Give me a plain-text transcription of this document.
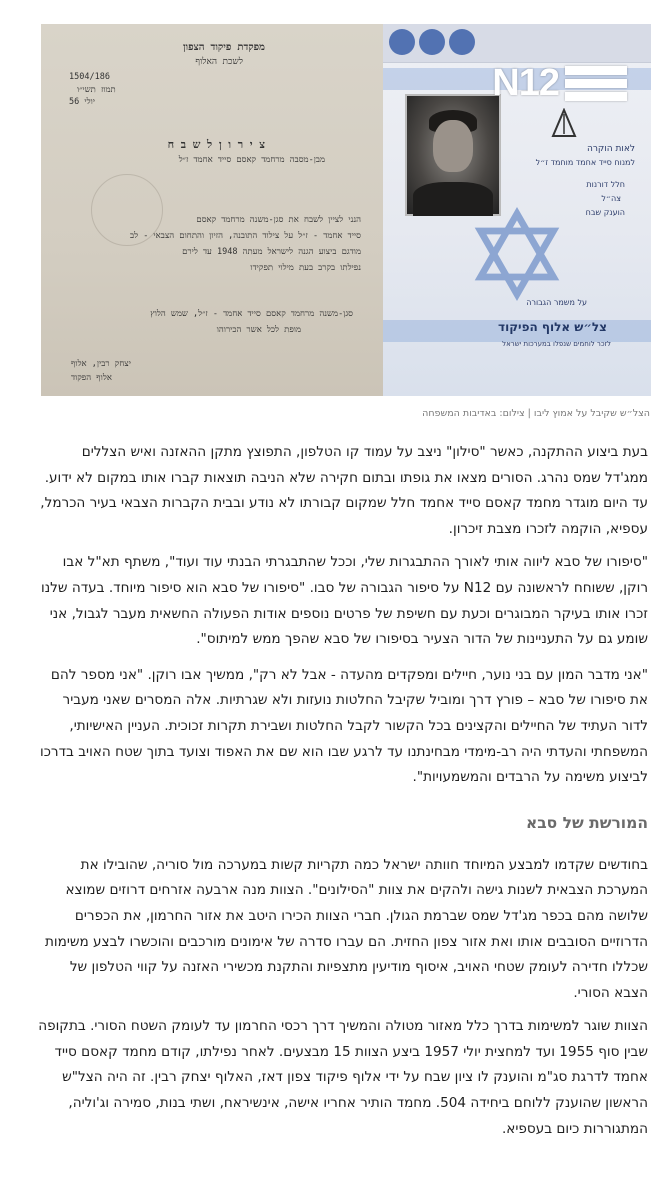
מפקדת פיקוד הצפון
לשכת האלוף
1504/186
תמוז תשי״ו
יולי 56
צ י ר ו ן ל ש ב ח
מבן-מסבה מרחמד קאסם סייד אחמד ז״ל
הנני לציין לשבח את סגן-משנה מרחמד קאסם
סייד אחמד - ז״ל על צילוד התובנה, הזיון והתחום הצבאי - לב
מודגם ביצוע הגנה לישראל מעתה 1948 עד לירם
נפילתו בקרב בעת מילוי תפקידו
סגן-משנה מרחמד קאסם סייד אחמד - ז״ל, שמש הלוץ
מופת לכל אשר הכירוהו
יצחק רבין, אלוף
אלוף הפקוד
לאות הוקרה
למנוח סייד אחמד מוחמד ז״ל
חלל דורנות
צה״ל
הוענק שבח
על משמר הגבורה
צל״ש אלוף הפיקוד
לזכר לוחמים שנפלו במערכות ישראל
N12
הצל״ש שקיבל על אמוץ ליבו | צילום: באדיבות המשפחה

בעת ביצוע ההתקנה, כאשר "סילון" ניצב על עמוד קו הטלפון, התפוצץ מתקן ההאזנה ואיש הצללים ממג'דל שמס נהרג. הסורים מצאו את גופתו ובתום חקירה שלא הניבה תוצאות קברו אותו במקום לא ידוע. עד היום מוגדר מחמד קאסם סייד אחמד חלל שמקום קבורתו לא נודע ובבית הקברות הצבאי בעיר הכרמל, עספיא, הוקמה לזכרו מצבת זיכרון.

"סיפורו של סבא ליווה אותי לאורך ההתבגרות שלי, וככל שהתבגרתי הבנתי עוד ועוד", משתף תא"ל אבו רוקן, ששוחח לראשונה עם N12 על סיפור הגבורה של סבו. "סיפורו של סבא הוא סיפור מיוחד. בעדה שלנו זכרו אותו בעיקר המבוגרים וכעת עם חשיפת של פרטים נוספים אודות הפעולה החשאית מעבר לגבול, אני שומע גם על התעניינות של הדור הצעיר בסיפורו של סבא שהפך ממש למיתוס".

"אני מדבר המון עם בני נוער, חיילים ומפקדים מהעדה - אבל לא רק", ממשיך אבו רוקן. "אני מספר להם את סיפורו של סבא – פורץ דרך ומוביל שקיבל החלטות נועזות ולא שגרתיות. אלה המסרים שאני מעביר לדור העתיד של החיילים והקצינים בכל הקשור לקבל החלטות ושבירת תקרות זכוכית. העניין האישיותי, המשפחתי והעדתי היה רב-מימדי מבחינתנו עד לרגע שבו הוא שם את האפוד וצועד בתוך שטח האויב בדרכו לביצוע משימה על הרבדים והמשמעויות".

המורשת של סבא

בחודשים שקדמו למבצע המיוחד חוותה ישראל כמה תקריות קשות במערכה מול סוריה, שהובילו את המערכת הצבאית לשנות גישה ולהקים את צוות "הסילונים". הצוות מנה ארבעה אזרחים דרוזים שמוצא שלושה מהם בכפר מג'דל שמס שברמת הגולן. חברי הצוות הכירו היטב את אזור החרמון, את הכפרים הדרוזיים הסובבים אותו ואת אזור צפון החזית. הם עברו סדרה של אימונים מורכבים והוכשרו לבצע משימות שכללו חדירה לעומק שטחי האויב, איסוף מודיעין מתצפיות והתקנת מכשירי האזנה על קווי הטלפון של הצבא הסורי.

הצוות שוגר למשימות בדרך כלל מאזור מטולה והמשיך דרך רכסי החרמון עד לעומק השטח הסורי. בתקופה שבין סוף 1955 ועד למחצית יולי 1957 ביצע הצוות 15 מבצעים. לאחר נפילתו, קודם מחמד קאסם סייד אחמד לדרגת סג"מ והוענק לו ציון שבח על ידי אלוף פיקוד צפון דאז, האלוף יצחק רבין. זה היה הצל"ש הראשון שהוענק ללוחם ביחידה 504. מחמד הותיר אחריו אישה, אינשיראח, ושתי בנות, סמירה וג'וליה, המתגוררות כיום בעספיא.
